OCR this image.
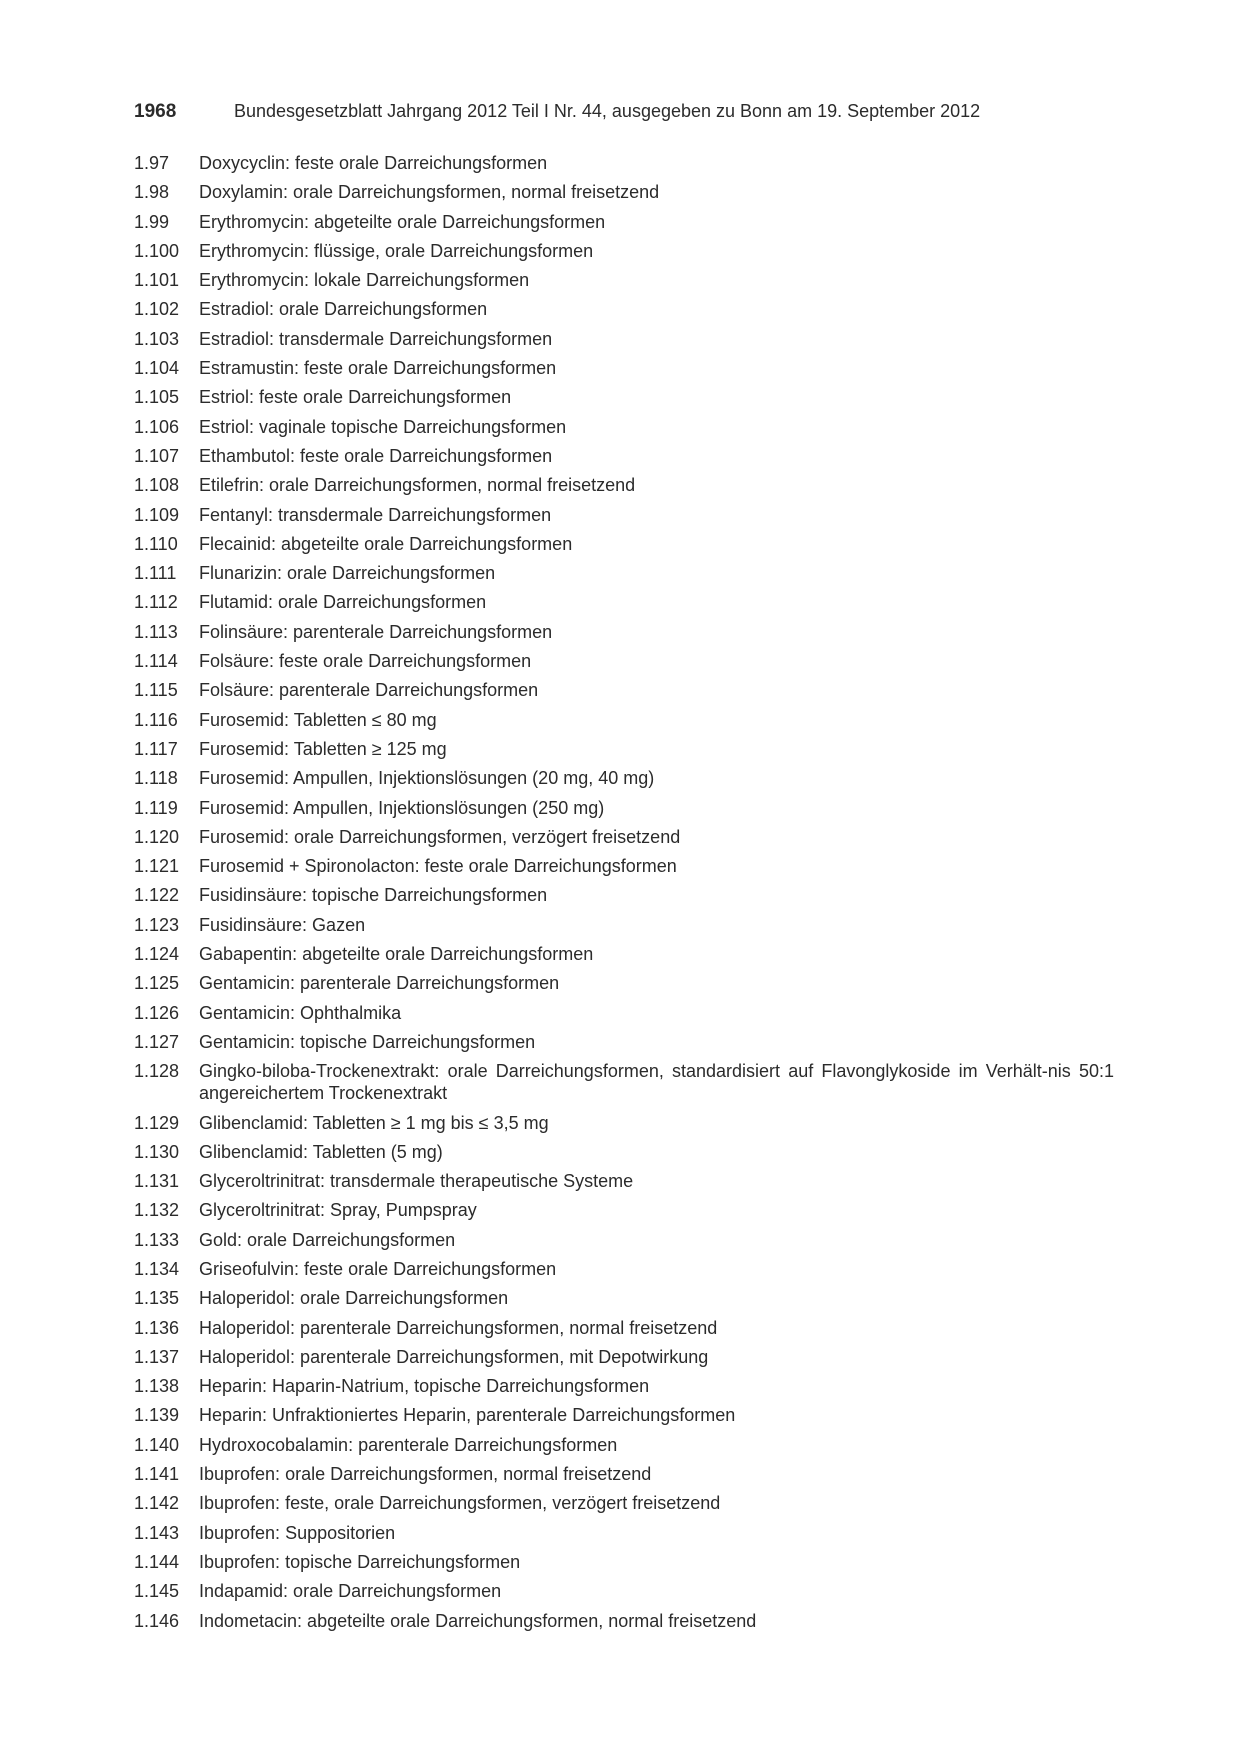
1968	Bundesgesetzblatt Jahrgang 2012 Teil I Nr. 44, ausgegeben zu Bonn am 19. September 2012
1.97	Doxycyclin: feste orale Darreichungsformen
1.98	Doxylamin: orale Darreichungsformen, normal freisetzend
1.99	Erythromycin: abgeteilte orale Darreichungsformen
1.100	Erythromycin: flüssige, orale Darreichungsformen
1.101	Erythromycin: lokale Darreichungsformen
1.102	Estradiol: orale Darreichungsformen
1.103	Estradiol: transdermale Darreichungsformen
1.104	Estramustin: feste orale Darreichungsformen
1.105	Estriol: feste orale Darreichungsformen
1.106	Estriol: vaginale topische Darreichungsformen
1.107	Ethambutol: feste orale Darreichungsformen
1.108	Etilefrin: orale Darreichungsformen, normal freisetzend
1.109	Fentanyl: transdermale Darreichungsformen
1.110	Flecainid: abgeteilte orale Darreichungsformen
1.111	Flunarizin: orale Darreichungsformen
1.112	Flutamid: orale Darreichungsformen
1.113	Folinsäure: parenterale Darreichungsformen
1.114	Folsäure: feste orale Darreichungsformen
1.115	Folsäure: parenterale Darreichungsformen
1.116	Furosemid: Tabletten ≤ 80 mg
1.117	Furosemid: Tabletten ≥ 125 mg
1.118	Furosemid: Ampullen, Injektionslösungen (20 mg, 40 mg)
1.119	Furosemid: Ampullen, Injektionslösungen (250 mg)
1.120	Furosemid: orale Darreichungsformen, verzögert freisetzend
1.121	Furosemid + Spironolacton: feste orale Darreichungsformen
1.122	Fusidinsäure: topische Darreichungsformen
1.123	Fusidinsäure: Gazen
1.124	Gabapentin: abgeteilte orale Darreichungsformen
1.125	Gentamicin: parenterale Darreichungsformen
1.126	Gentamicin: Ophthalmika
1.127	Gentamicin: topische Darreichungsformen
1.128	Gingko-biloba-Trockenextrakt: orale Darreichungsformen, standardisiert auf Flavonglykoside im Verhält-nis 50:1 angereichertem Trockenextrakt
1.129	Glibenclamid: Tabletten ≥ 1 mg bis ≤ 3,5 mg
1.130	Glibenclamid: Tabletten (5 mg)
1.131	Glyceroltrinitrat: transdermale therapeutische Systeme
1.132	Glyceroltrinitrat: Spray, Pumpspray
1.133	Gold: orale Darreichungsformen
1.134	Griseofulvin: feste orale Darreichungsformen
1.135	Haloperidol: orale Darreichungsformen
1.136	Haloperidol: parenterale Darreichungsformen, normal freisetzend
1.137	Haloperidol: parenterale Darreichungsformen, mit Depotwirkung
1.138	Heparin: Haparin-Natrium, topische Darreichungsformen
1.139	Heparin: Unfraktioniertes Heparin, parenterale Darreichungsformen
1.140	Hydroxocobalamin: parenterale Darreichungsformen
1.141	Ibuprofen: orale Darreichungsformen, normal freisetzend
1.142	Ibuprofen: feste, orale Darreichungsformen, verzögert freisetzend
1.143	Ibuprofen: Suppositorien
1.144	Ibuprofen: topische Darreichungsformen
1.145	Indapamid: orale Darreichungsformen
1.146	Indometacin: abgeteilte orale Darreichungsformen, normal freisetzend
